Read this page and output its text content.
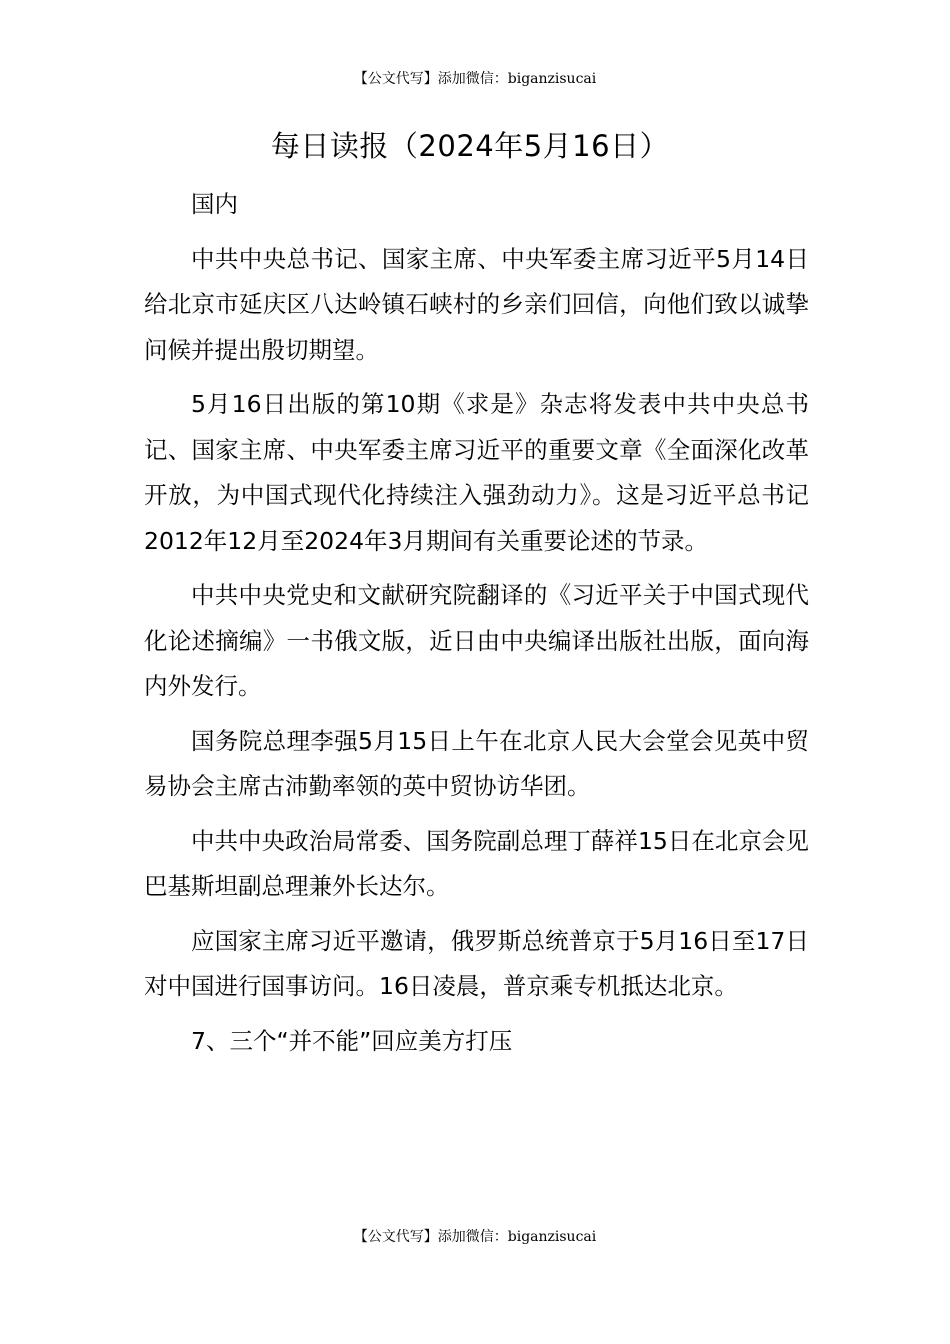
【公文代写】添加微信：biganzisucai
每日读报（2024年5月16日）

国内

中共中央总书记、国家主席、中央军委主席习近平5月14日给北京市延庆区八达岭镇石峡村的乡亲们回信，向他们致以诚挚问候并提出殷切期望。

5月16日出版的第10期《求是》杂志将发表中共中央总书记、国家主席、中央军委主席习近平的重要文章《全面深化改革开放，为中国式现代化持续注入强劲动力》。这是习近平总书记2012年12月至2024年3月期间有关重要论述的节录。

中共中央党史和文献研究院翻译的《习近平关于中国式现代化论述摘编》一书俄文版，近日由中央编译出版社出版，面向海内外发行。

国务院总理李强5月15日上午在北京人民大会堂会见英中贸易协会主席古沛勤率领的英中贸协访华团。

中共中央政治局常委、国务院副总理丁薛祥15日在北京会见巴基斯坦副总理兼外长达尔。

应国家主席习近平邀请，俄罗斯总统普京于5月16日至17日对中国进行国事访问。16日凌晨，普京乘专机抵达北京。

7、三个“并不能”回应美方打压

【公文代写】添加微信：biganzisucai
